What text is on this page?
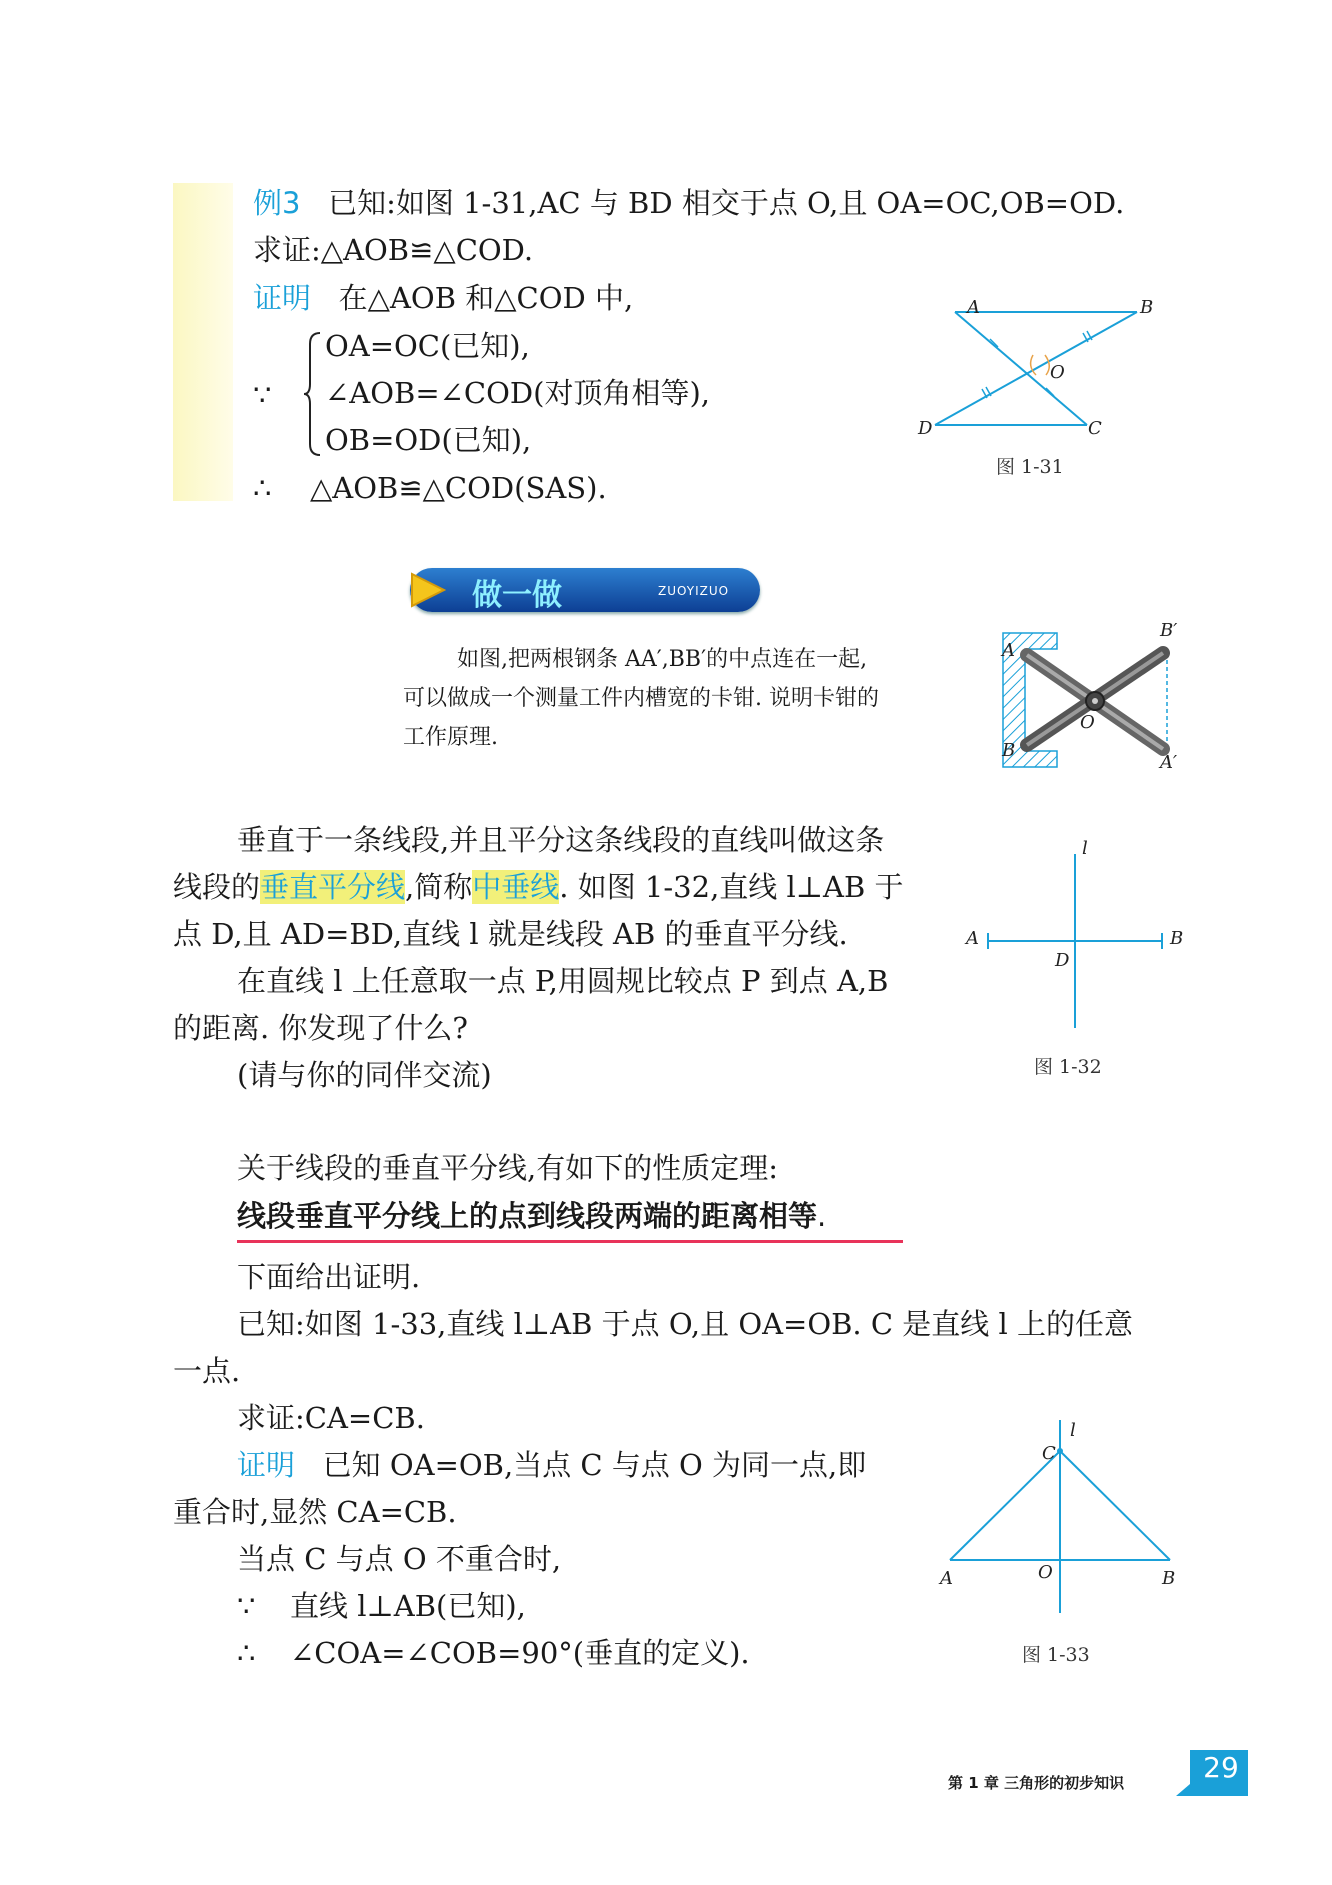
例3 已知:如图 1-31,AC 与 BD 相交于点 O,且 OA=OC,OB=OD.
求证:△AOB≌△COD.
证明 在△AOB 和△COD 中,
∵
OA=OC(已知),
∠AOB=∠COD(对顶角相等),
OB=OD(已知),
∴ △AOB≌△COD(SAS).
A	B
O
D	C
图 1-31
做一做	ZUOYIZUO
如图,把两根钢条 AA′,BB′的中点连在一起,
可以做成一个测量工件内槽宽的卡钳. 说明卡钳的
工作原理.
A
B′
O
B
A′
垂直于一条线段,并且平分这条线段的直线叫做这条
线段的垂直平分线,简称中垂线. 如图 1-32,直线 l⊥AB 于
点 D,且 AD=BD,直线 l 就是线段 AB 的垂直平分线.
在直线 l 上任意取一点 P,用圆规比较点 P 到点 A,B
的距离. 你发现了什么?
(请与你的同伴交流)
l
A	B
D
图 1-32
关于线段的垂直平分线,有如下的性质定理:
线段垂直平分线上的点到线段两端的距离相等.
下面给出证明.
已知:如图 1-33,直线 l⊥AB 于点 O,且 OA=OB. C 是直线 l 上的任意
一点.
求证:CA=CB.
证明 已知 OA=OB,当点 C 与点 O 为同一点,即
重合时,显然 CA=CB.
当点 C 与点 O 不重合时,
∵ 直线 l⊥AB(已知),
∴ ∠COA=∠COB=90°(垂直的定义).
l
C
A	O	B
图 1-33
第 1 章 三角形的初步知识	29
